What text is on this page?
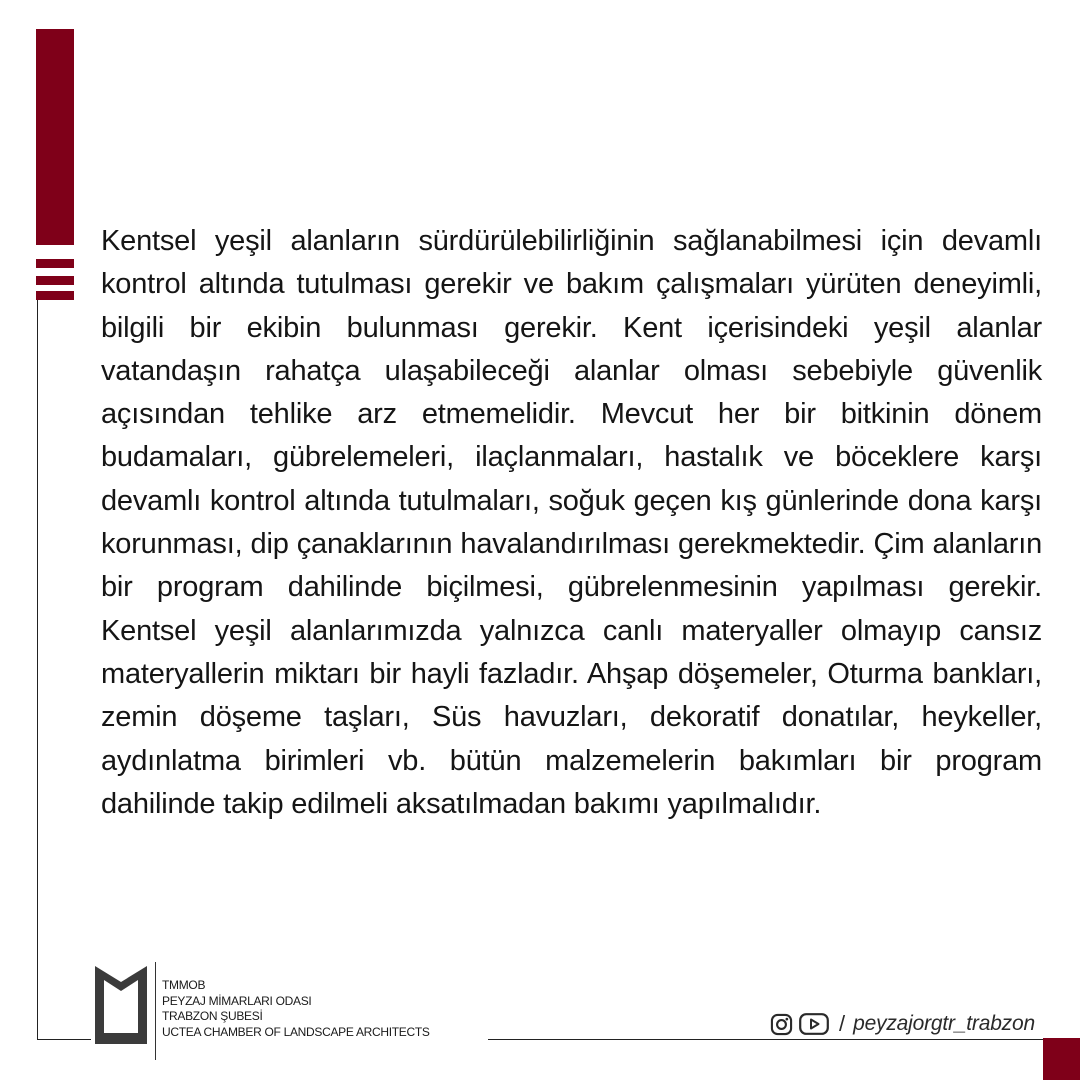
Kentsel yeşil alanların sürdürülebilirliğinin sağlanabilmesi için devamlı kontrol altında tutulması gerekir ve bakım çalışmaları yürüten deneyimli, bilgili bir ekibin bulunması gerekir. Kent içerisindeki yeşil alanlar vatandaşın rahatça ulaşabileceği alanlar olması sebebiyle güvenlik açısından tehlike arz etmemelidir. Mevcut her bir bitkinin dönem budamaları, gübrelemeleri, ilaçlanmaları, hastalık ve böceklere karşı devamlı kontrol altında tutulmaları, soğuk geçen kış günlerinde dona karşı korunması, dip çanaklarının havalandırılması gerekmektedir. Çim alanların bir program dahilinde biçilmesi, gübrelenmesinin yapılması gerekir. Kentsel yeşil alanlarımızda yalnızca canlı materyaller olmayıp cansız materyallerin miktarı bir hayli fazladır. Ahşap döşemeler, Oturma bankları, zemin döşeme taşları, Süs havuzları, dekoratif donatılar, heykeller, aydınlatma birimleri vb. bütün malzemelerin bakımları bir program dahilinde takip edilmeli aksatılmadan bakımı yapılmalıdır.

TMMOB
PEYZAJ MİMARLARI ODASI
TRABZON ŞUBESİ
UCTEA CHAMBER OF LANDSCAPE ARCHITECTS	/ peyzajorgtr_trabzon
